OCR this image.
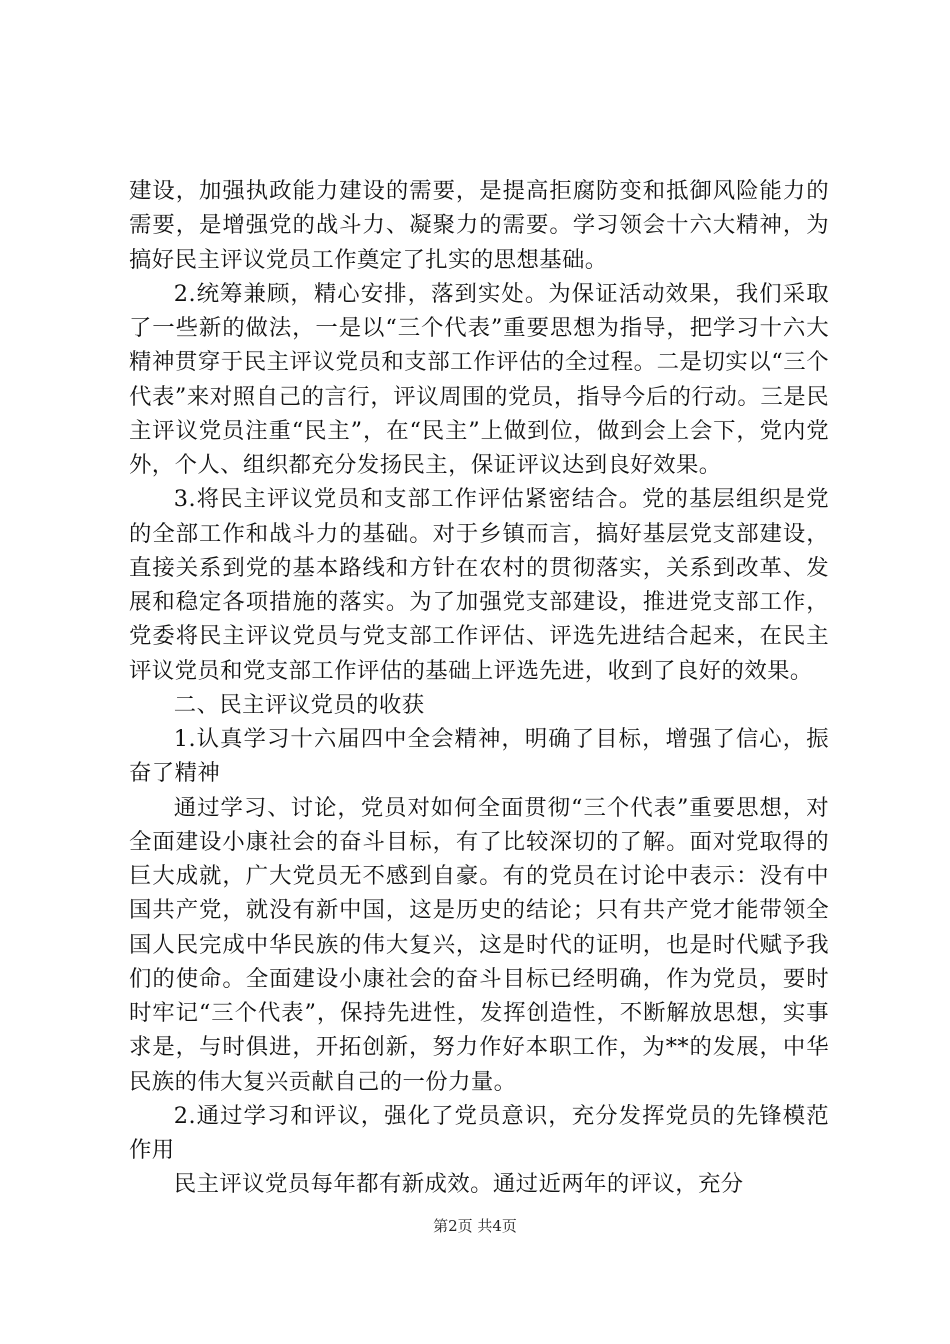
建设，加强执政能力建设的需要，是提高拒腐防变和抵御风险能力的需要，是增强党的战斗力、凝聚力的需要。学习领会十六大精神，为搞好民主评议党员工作奠定了扎实的思想基础。

2.统筹兼顾，精心安排，落到实处。为保证活动效果，我们采取了一些新的做法，一是以“三个代表”重要思想为指导，把学习十六大精神贯穿于民主评议党员和支部工作评估的全过程。二是切实以“三个代表”来对照自己的言行，评议周围的党员，指导今后的行动。三是民主评议党员注重“民主”，在“民主”上做到位，做到会上会下，党内党外，个人、组织都充分发扬民主，保证评议达到良好效果。

3.将民主评议党员和支部工作评估紧密结合。党的基层组织是党的全部工作和战斗力的基础。对于乡镇而言，搞好基层党支部建设，直接关系到党的基本路线和方针在农村的贯彻落实，关系到改革、发展和稳定各项措施的落实。为了加强党支部建设，推进党支部工作，党委将民主评议党员与党支部工作评估、评选先进结合起来，在民主评议党员和党支部工作评估的基础上评选先进，收到了良好的效果。

二、民主评议党员的收获

1.认真学习十六届四中全会精神，明确了目标，增强了信心，振奋了精神

通过学习、讨论，党员对如何全面贯彻“三个代表”重要思想，对全面建设小康社会的奋斗目标，有了比较深切的了解。面对党取得的巨大成就，广大党员无不感到自豪。有的党员在讨论中表示：没有中国共产党，就没有新中国，这是历史的结论；只有共产党才能带领全国人民完成中华民族的伟大复兴，这是时代的证明，也是时代赋予我们的使命。全面建设小康社会的奋斗目标已经明确，作为党员，要时时牢记“三个代表”，保持先进性，发挥创造性，不断解放思想，实事求是，与时俱进，开拓创新，努力作好本职工作，为**的发展，中华民族的伟大复兴贡献自己的一份力量。

2.通过学习和评议，强化了党员意识，充分发挥党员的先锋模范作用

民主评议党员每年都有新成效。通过近两年的评议，充分

第2页 共4页
